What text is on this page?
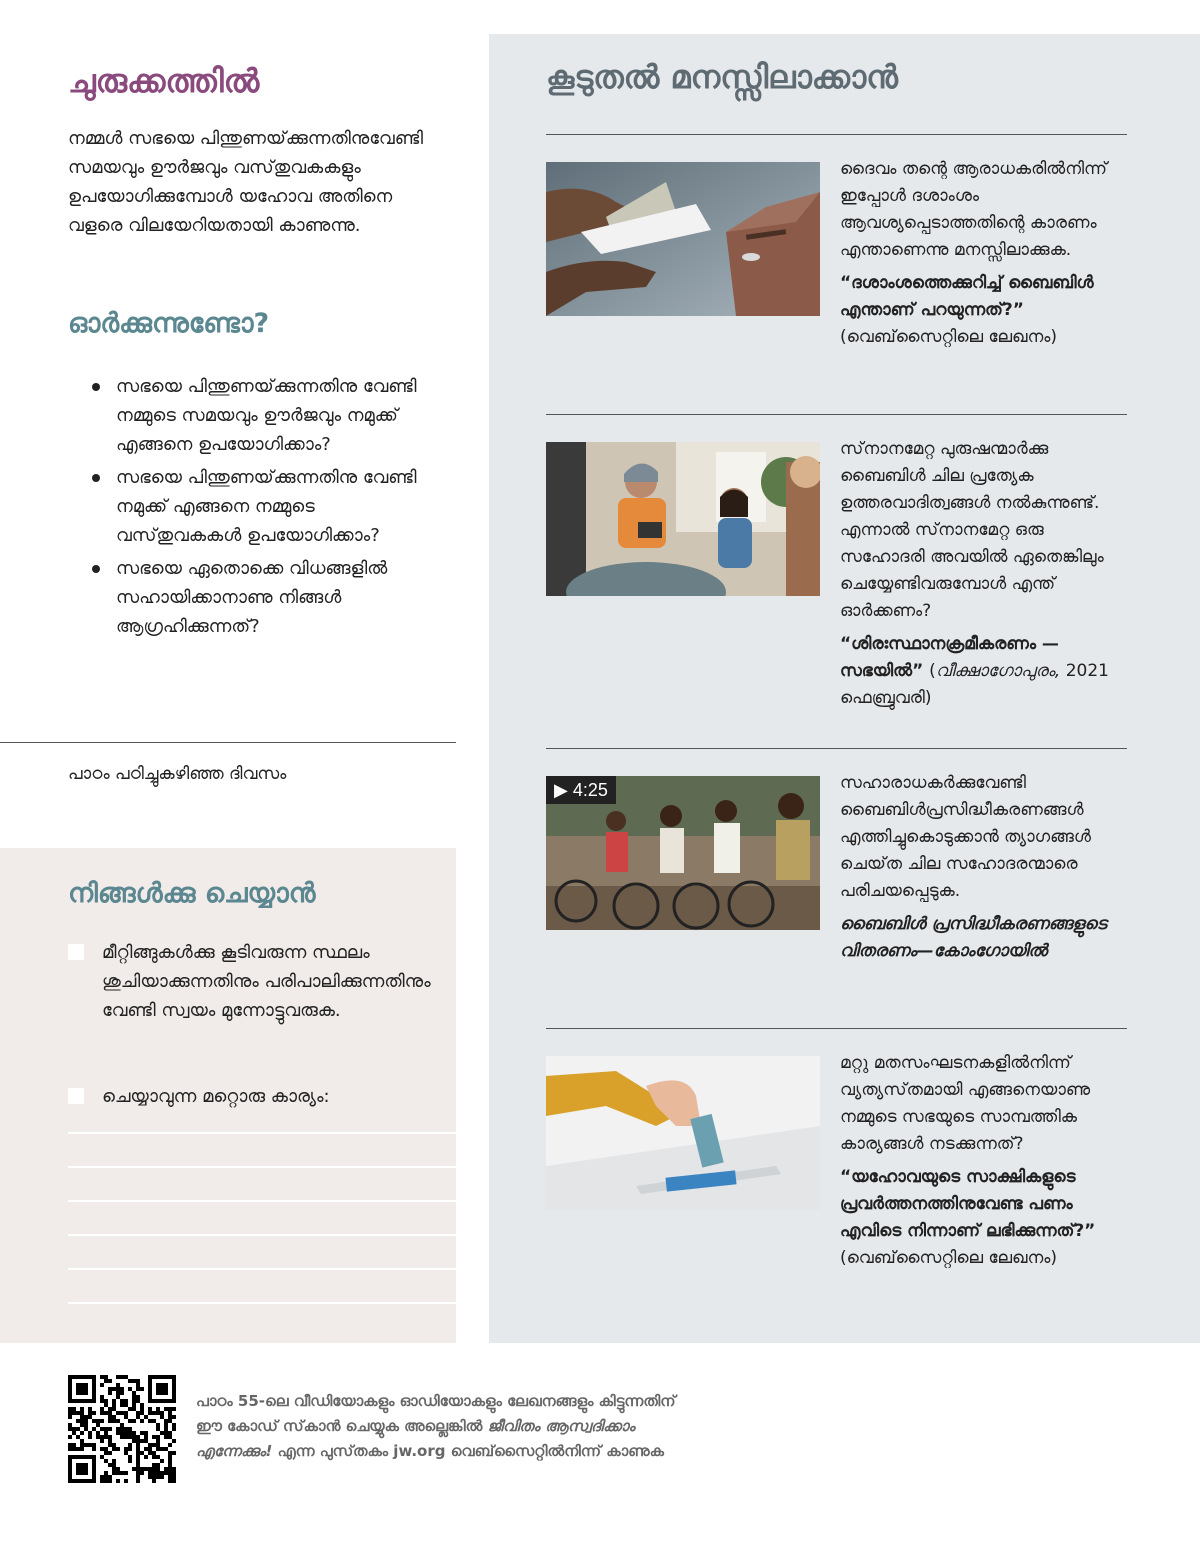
ചുരുക്കത്തിൽ

നമ്മൾ സഭയെ പിന്തുണയ്‌ക്കുന്നതിനുവേണ്ടി സമയവും ഊർജവും വസ്‌തുവകകളും ഉപയോഗിക്കുമ്പോൾ യഹോവ അതിനെ വളരെ വിലയേറിയതായി കാണുന്നു.

ഓർക്കുന്നുണ്ടോ?
സഭയെ പിന്തുണയ്‌ക്കുന്നതിനു വേണ്ടി നമ്മുടെ സമയവും ഊർജവും നമുക്ക് എങ്ങനെ ഉപയോഗിക്കാം?
സഭയെ പിന്തുണയ്‌ക്കുന്നതിനു വേണ്ടി നമുക്ക് എങ്ങനെ നമ്മുടെ വസ്‌തുവകകൾ ഉപയോഗിക്കാം?
സഭയെ ഏതൊക്കെ വിധങ്ങളിൽ സഹായിക്കാനാണു നിങ്ങൾ ആഗ്രഹിക്കുന്നത്‌?
പാഠം പഠിച്ചുകഴിഞ്ഞ ദിവസം
നിങ്ങൾക്കു ചെയ്യാൻ
മീറ്റിങ്ങുകൾക്കു കൂടിവരുന്ന സ്ഥലം ശുചിയാക്കുന്നതിനും പരിപാലിക്കുന്നതിനും വേണ്ടി സ്വയം മുന്നോട്ടുവരുക.
ചെയ്യാവുന്ന മറ്റൊരു കാര്യം:
കൂടുതൽ മനസ്സിലാക്കാൻ
ദൈവം തന്റെ ആരാധകരിൽനിന്ന് ഇപ്പോൾ ദശാംശം ആവശ്യപ്പെടാത്തതിന്റെ കാരണം എന്താണെന്നു മനസ്സിലാക്കുക.
“ദശാംശത്തെക്കുറിച്ച് ബൈബിൾ എന്താണ് പറയുന്നത്?” (വെബ്‌സൈറ്റിലെ ലേഖനം)
സ്‌നാനമേറ്റ പുരുഷന്മാർക്കു ബൈബിൾ ചില പ്രത്യേക ഉത്തരവാദിത്വങ്ങൾ നൽകുന്നുണ്ട്‌. എന്നാൽ സ്‌നാനമേറ്റ ഒരു സഹോദരി അവയിൽ ഏതെങ്കിലും ചെയ്യേണ്ടിവരുമ്പോൾ എന്ത്‌ ഓർക്കണം?
“ശിരഃസ്ഥാനക്രമീകരണം —സഭയിൽ” (വീക്ഷാഗോപുരം, 2021 ഫെബ്രുവരി)
▶ 4:25	സഹാരാധകർക്കുവേണ്ടി ബൈബിൾപ്രസിദ്ധീകരണങ്ങൾ എത്തിച്ചുകൊടുക്കാൻ ത്യാഗങ്ങൾ ചെയ്‌ത ചില സഹോദരന്മാരെ പരിചയപ്പെടുക.
ബൈബിൾ പ്രസിദ്ധീകരണങ്ങളുടെ വിതരണം—കോംഗോയിൽ
മറ്റു മതസംഘടനകളിൽനിന്ന് വ്യത്യസ്‌തമായി എങ്ങനെയാണു നമ്മുടെ സഭയുടെ സാമ്പത്തിക കാര്യങ്ങൾ നടക്കുന്നത്‌?
“യഹോവയുടെ സാക്ഷികളുടെ പ്രവർത്തനത്തിനുവേണ്ട പണം എവിടെ നിന്നാണ് ലഭിക്കുന്നത്?”
(വെബ്‌സൈറ്റിലെ ലേഖനം)
പാഠം 55-ലെ വീഡിയോകളും ഓഡിയോകളും ലേഖനങ്ങളും കിട്ടുന്നതിന്‌ ഈ കോഡ്‌ സ്‌കാൻ ചെയ്യുക അല്ലെങ്കിൽ ജീവിതം ആസ്വദിക്കാം എന്നേക്കും! എന്ന പുസ്‌തകം jw.org വെബ്‌സൈറ്റിൽനിന്ന്‌ കാണുക
